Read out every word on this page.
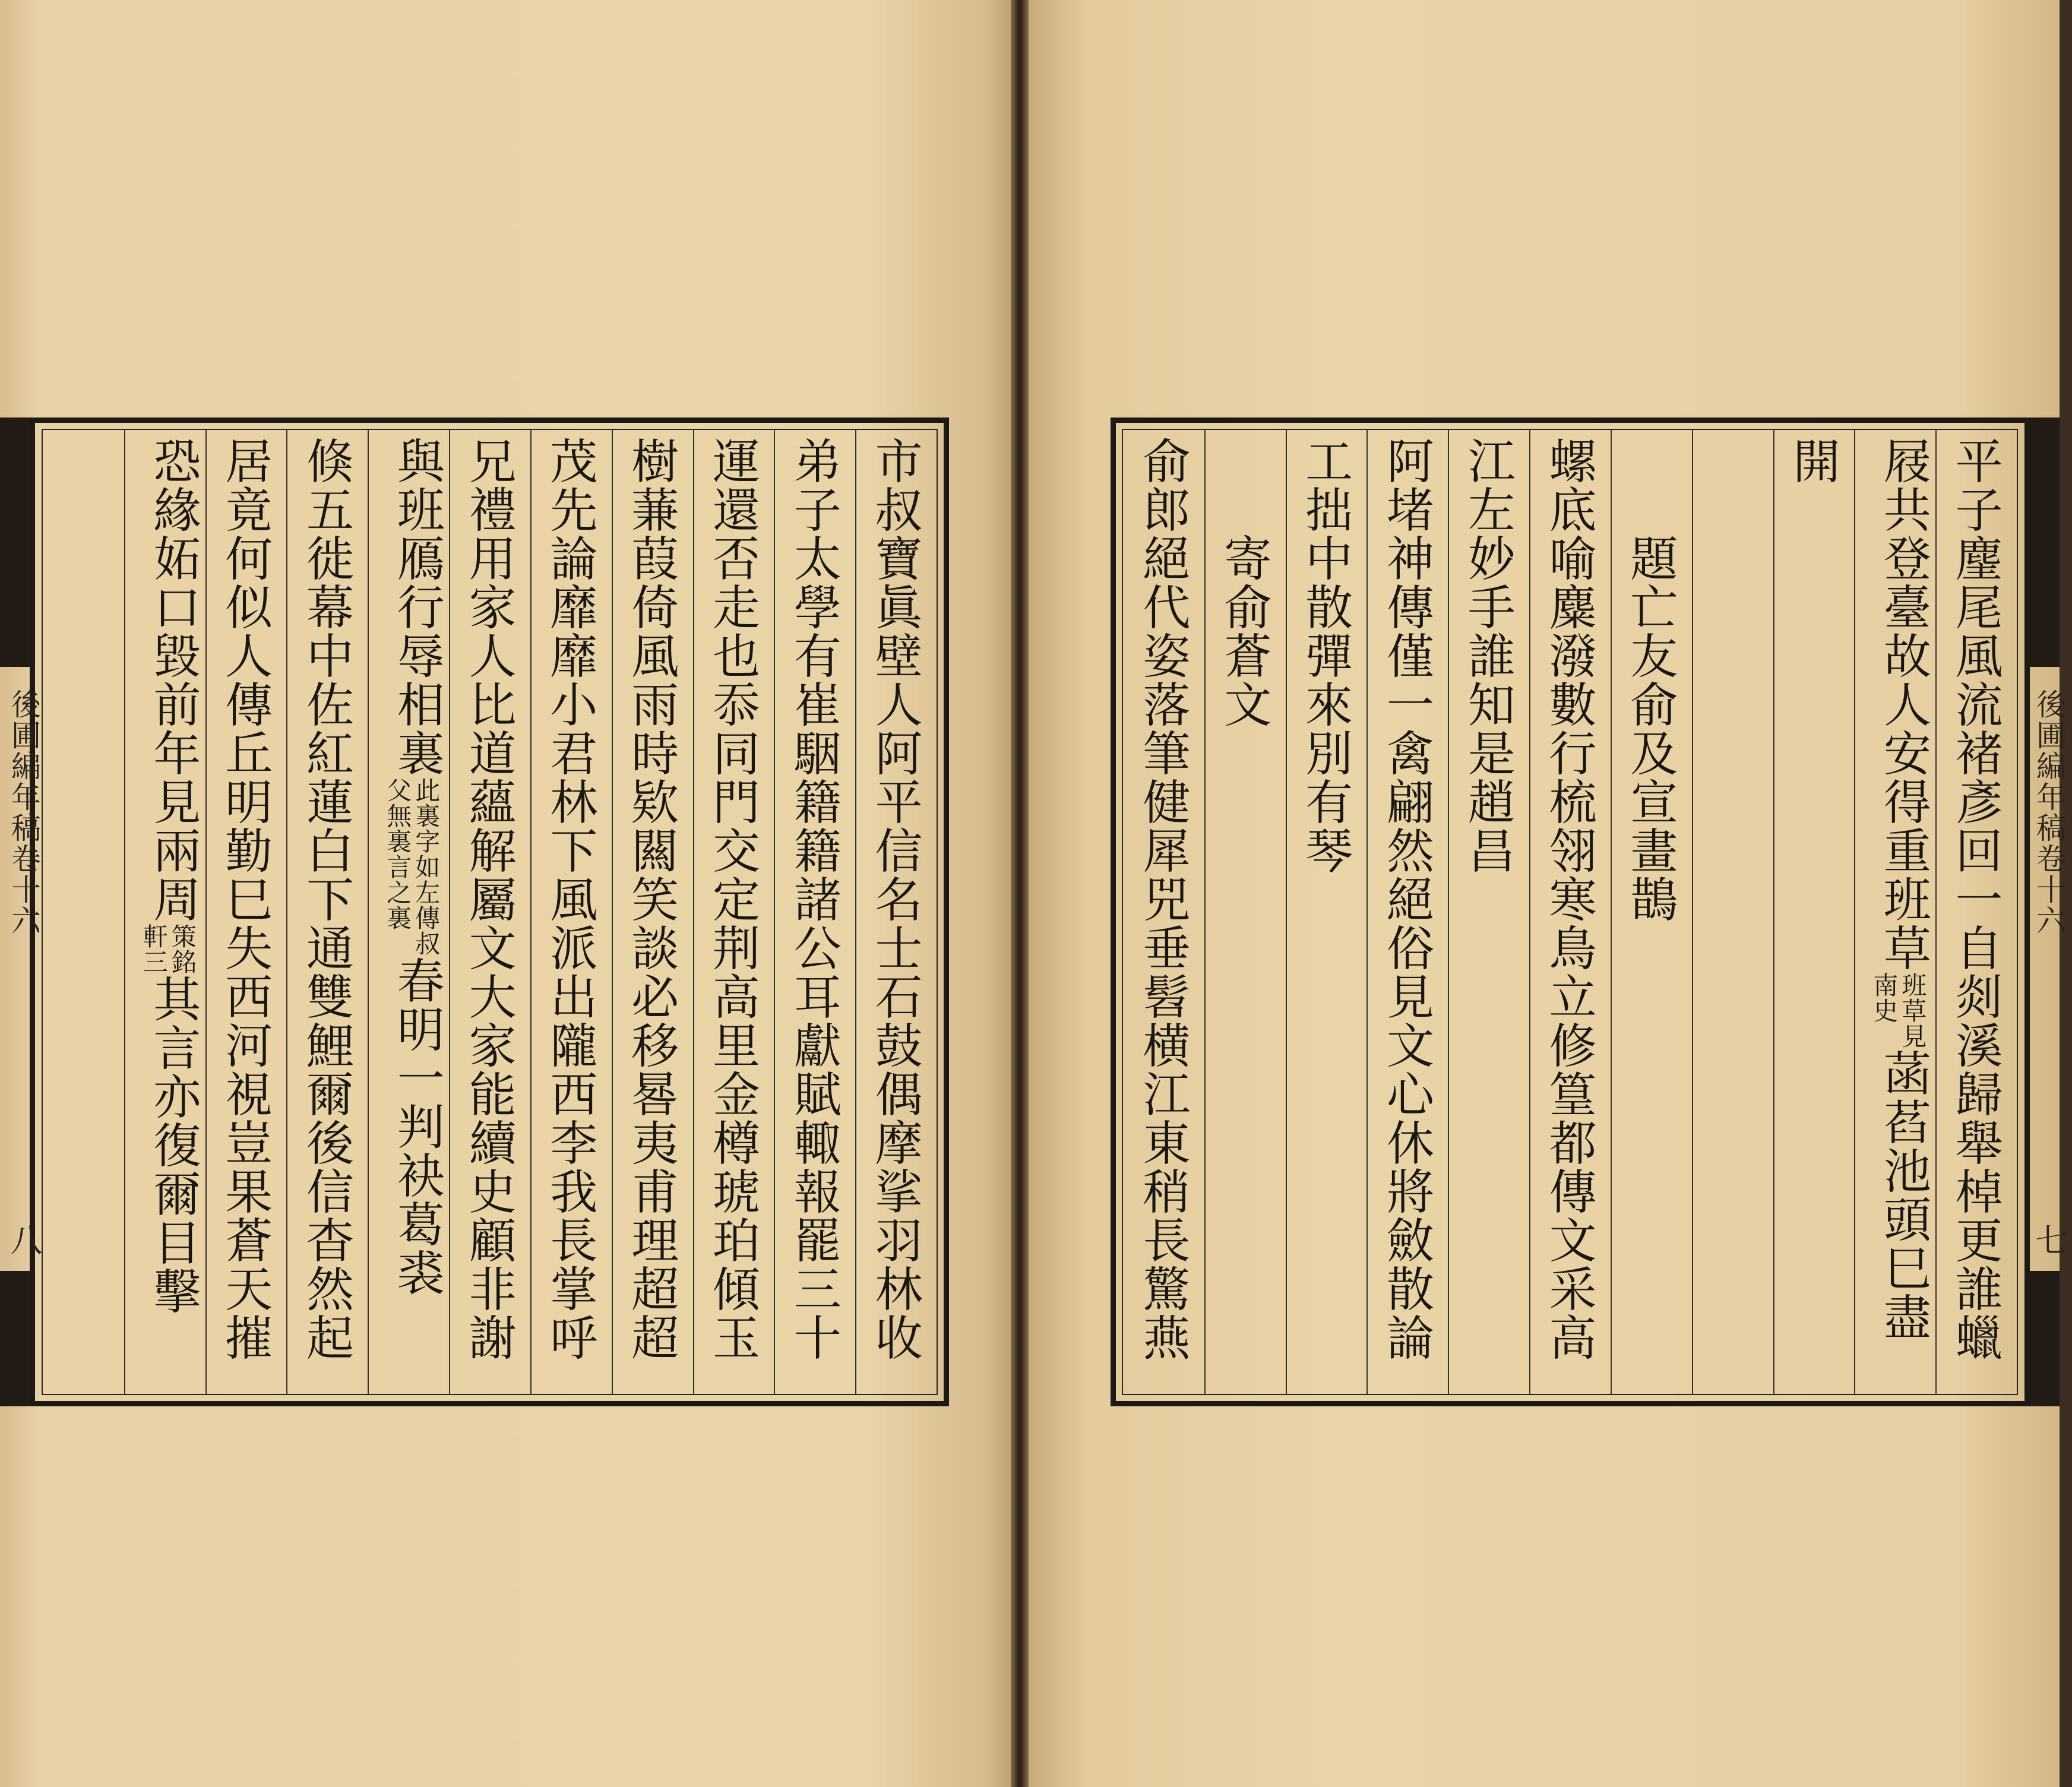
後圃編年稿卷十六
八
後圃編年稿卷十六
七
市叔寶眞壁人阿平信名士石鼓偶摩挲羽林收
弟子太學有崔駰籍籍諸公耳獻賦輙報罷三十
運還否走也忝同門交定荆高里金樽琥珀傾玉
樹蒹葭倚風雨時欵闗笑談必移晷夷甫理超超
茂先論靡靡小君林下風派出隴西李我長掌呼
兄禮用家人比道蘊解屬文大家能續史顧非謝
與班鴈行辱相裏
此裏字如左傳叔
父無裏言之裏
春明一判袂葛裘
倏五徙幕中佐紅蓮白下通雙鯉爾後信杳然起
居竟何似人傳丘明勤巳失西河視豈果蒼天摧
恐緣妬口毀前年見兩周
策銘
軒三
其言亦復爾目擊	平子麈尾風流褚彥回一自剡溪歸舉棹更誰蠟
屐共登臺故人安得重班草
班草見
南史
菡萏池頭巳盡
開
　　題亡友俞及宣畫鵲
螺底喻麋潑數行梳翎寒鳥立修篁都傳文采高
江左妙手誰知是趙昌
阿堵神傳僅一禽翩然絕俗見文心休將斂散論
工拙中散彈來別有琴
　　寄俞蒼文
俞郎絕代姿落筆健犀兕垂髫横江東稍長驚燕
